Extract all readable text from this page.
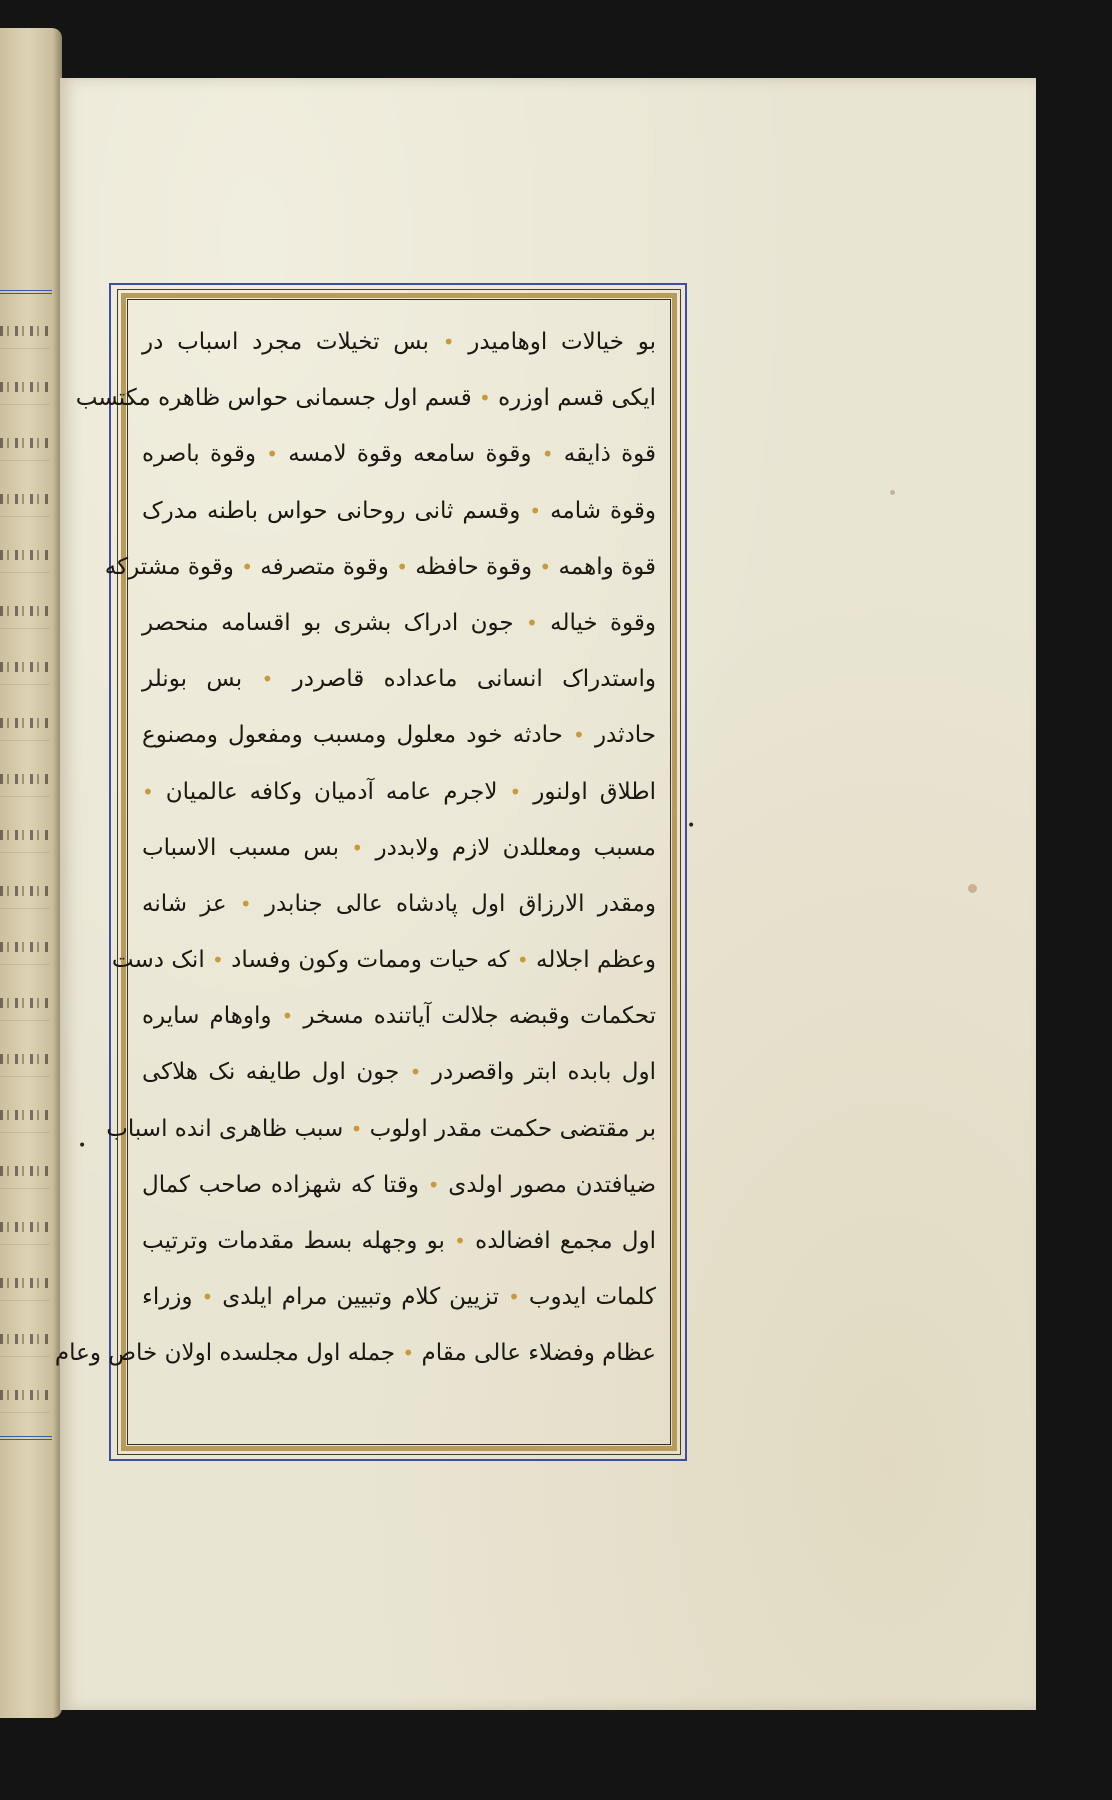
•
•
بو خیالات اوهامیدر • بس تخیلات مجرد اسباب در
ایکی قسم اوزره • قسم اول جسمانی حواس ظاهره مکتسب
قوة ذایقه • وقوة سامعه وقوة لامسه • وقوة باصره
وقوة شامه • وقسم ثانی روحانی حواس باطنه مدرک
قوة واهمه • وقوة حافظه • وقوة متصرفه • وقوة مشترکه
وقوة خیاله • جون ادراک بشری بو اقسامه منحصر
واستدراک انسانی ماعداده قاصردر • بس بونلر
حادثدر • حادثه خود معلول ومسبب ومفعول ومصنوع
اطلاق اولنور • لاجرم عامه آدمیان وکافه عالمیان •
مسبب ومعللدن لازم ولابددر • بس مسبب الاسباب
ومقدر الارزاق اول پادشاه عالی جنابدر • عز شانه
وعظم اجلاله • که حیات وممات وکون وفساد • انک دست
تحکمات وقبضه جلالت آیاتنده مسخر • واوهام سایره
اول بابده ابتر واقصردر • جون اول طایفه نک هلاکی
بر مقتضی حکمت مقدر اولوب • سبب ظاهری انده اسباب
ضیافتدن مصور اولدی • وقتا که شهزاده صاحب کمال
اول مجمع افضالده • بو وجهله بسط مقدمات وترتیب
کلمات ایدوب • تزیین کلام وتبیین مرام ایلدی • وزراء
عظام وفضلاء عالی مقام • جمله اول مجلسده اولان خاص وعام
